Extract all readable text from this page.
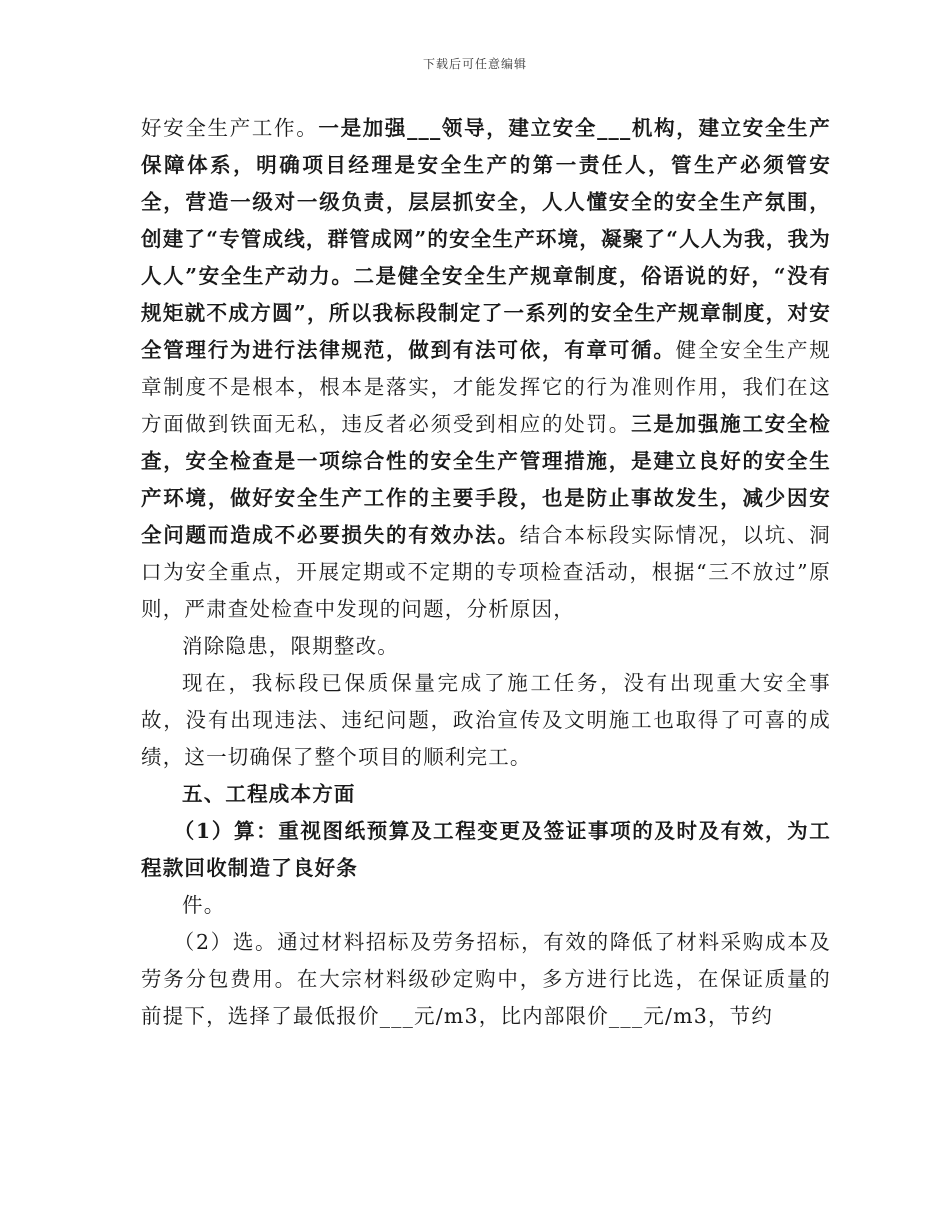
下载后可任意编辑

好安全生产工作。一是加强___领导，建立安全___机构，建立安全生产保障体系，明确项目经理是安全生产的第一责任人，管生产必须管安全，营造一级对一级负责，层层抓安全，人人懂安全的安全生产氛围，创建了“专管成线，群管成网”的安全生产环境，凝聚了“人人为我，我为人人”安全生产动力。二是健全安全生产规章制度，俗语说的好，“没有规矩就不成方圆”，所以我标段制定了一系列的安全生产规章制度，对安全管理行为进行法律规范，做到有法可依，有章可循。健全安全生产规章制度不是根本，根本是落实，才能发挥它的行为准则作用，我们在这方面做到铁面无私，违反者必须受到相应的处罚。三是加强施工安全检查，安全检查是一项综合性的安全生产管理措施，是建立良好的安全生产环境，做好安全生产工作的主要手段，也是防止事故发生，减少因安全问题而造成不必要损失的有效办法。结合本标段实际情况，以坑、洞口为安全重点，开展定期或不定期的专项检查活动，根据“三不放过”原则，严肃查处检查中发现的问题，分析原因，

消除隐患，限期整改。

现在，我标段已保质保量完成了施工任务，没有出现重大安全事故，没有出现违法、违纪问题，政治宣传及文明施工也取得了可喜的成绩，这一切确保了整个项目的顺利完工。

五、工程成本方面

（1）算：重视图纸预算及工程变更及签证事项的及时及有效，为工程款回收制造了良好条

件。

（2）选。通过材料招标及劳务招标，有效的降低了材料采购成本及劳务分包费用。在大宗材料级砂定购中，多方进行比选，在保证质量的前提下，选择了最低报价___元/m3，比内部限价___元/m3，节约
